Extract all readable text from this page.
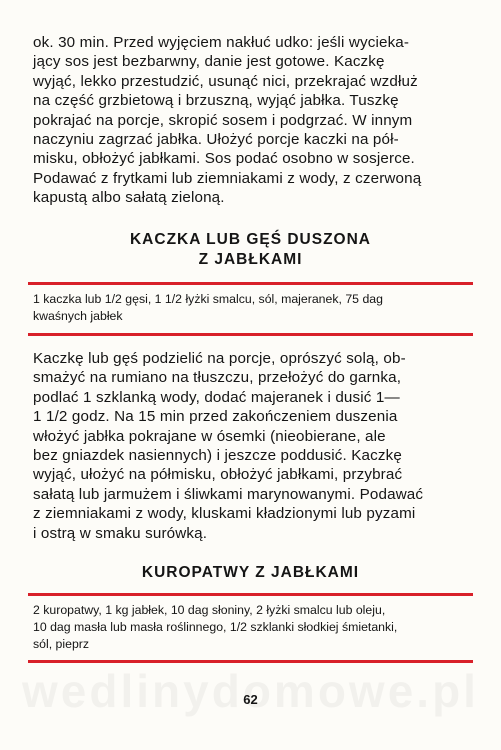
ok. 30 min. Przed wyjęciem nakłuć udko: jeśli wycieka-
jący sos jest bezbarwny, danie jest gotowe. Kaczkę
wyjąć, lekko przestudzić, usunąć nici, przekrajać wzdłuż
na część grzbietową i brzuszną, wyjąć jabłka. Tuszkę
pokrajać na porcje, skropić sosem i podgrzać. W innym
naczyniu zagrzać jabłka. Ułożyć porcje kaczki na pół-
misku, obłożyć jabłkami. Sos podać osobno w sosjerce.
Podawać z frytkami lub ziemniakami z wody, z czerwoną
kapustą albo sałatą zieloną.
KACZKA LUB GĘŚ DUSZONA
Z JABŁKAMI
1 kaczka lub 1/2 gęsi, 1 1/2 łyżki smalcu, sól, majeranek, 75 dag
kwaśnych jabłek
Kaczkę lub gęś podzielić na porcje, oprószyć solą, ob-
smażyć na rumiano na tłuszczu, przełożyć do garnka,
podlać 1 szklanką wody, dodać majeranek i dusić 1—
1 1/2 godz. Na 15 min przed zakończeniem duszenia
włożyć jabłka pokrajane w ósemki (nieobierane, ale
bez gniazdek nasiennych) i jeszcze poddusić. Kaczkę
wyjąć, ułożyć na półmisku, obłożyć jabłkami, przybrać
sałatą lub jarmużem i śliwkami marynowanymi. Podawać
z ziemniakami z wody, kluskami kładzionymi lub pyzami
i ostrą w smaku surówką.
KUROPATWY Z JABŁKAMI
2 kuropatwy, 1 kg jabłek, 10 dag słoniny, 2 łyżki smalcu lub oleju,
10 dag masła lub masła roślinnego, 1/2 szklanki słodkiej śmietanki,
sól, pieprz
62
